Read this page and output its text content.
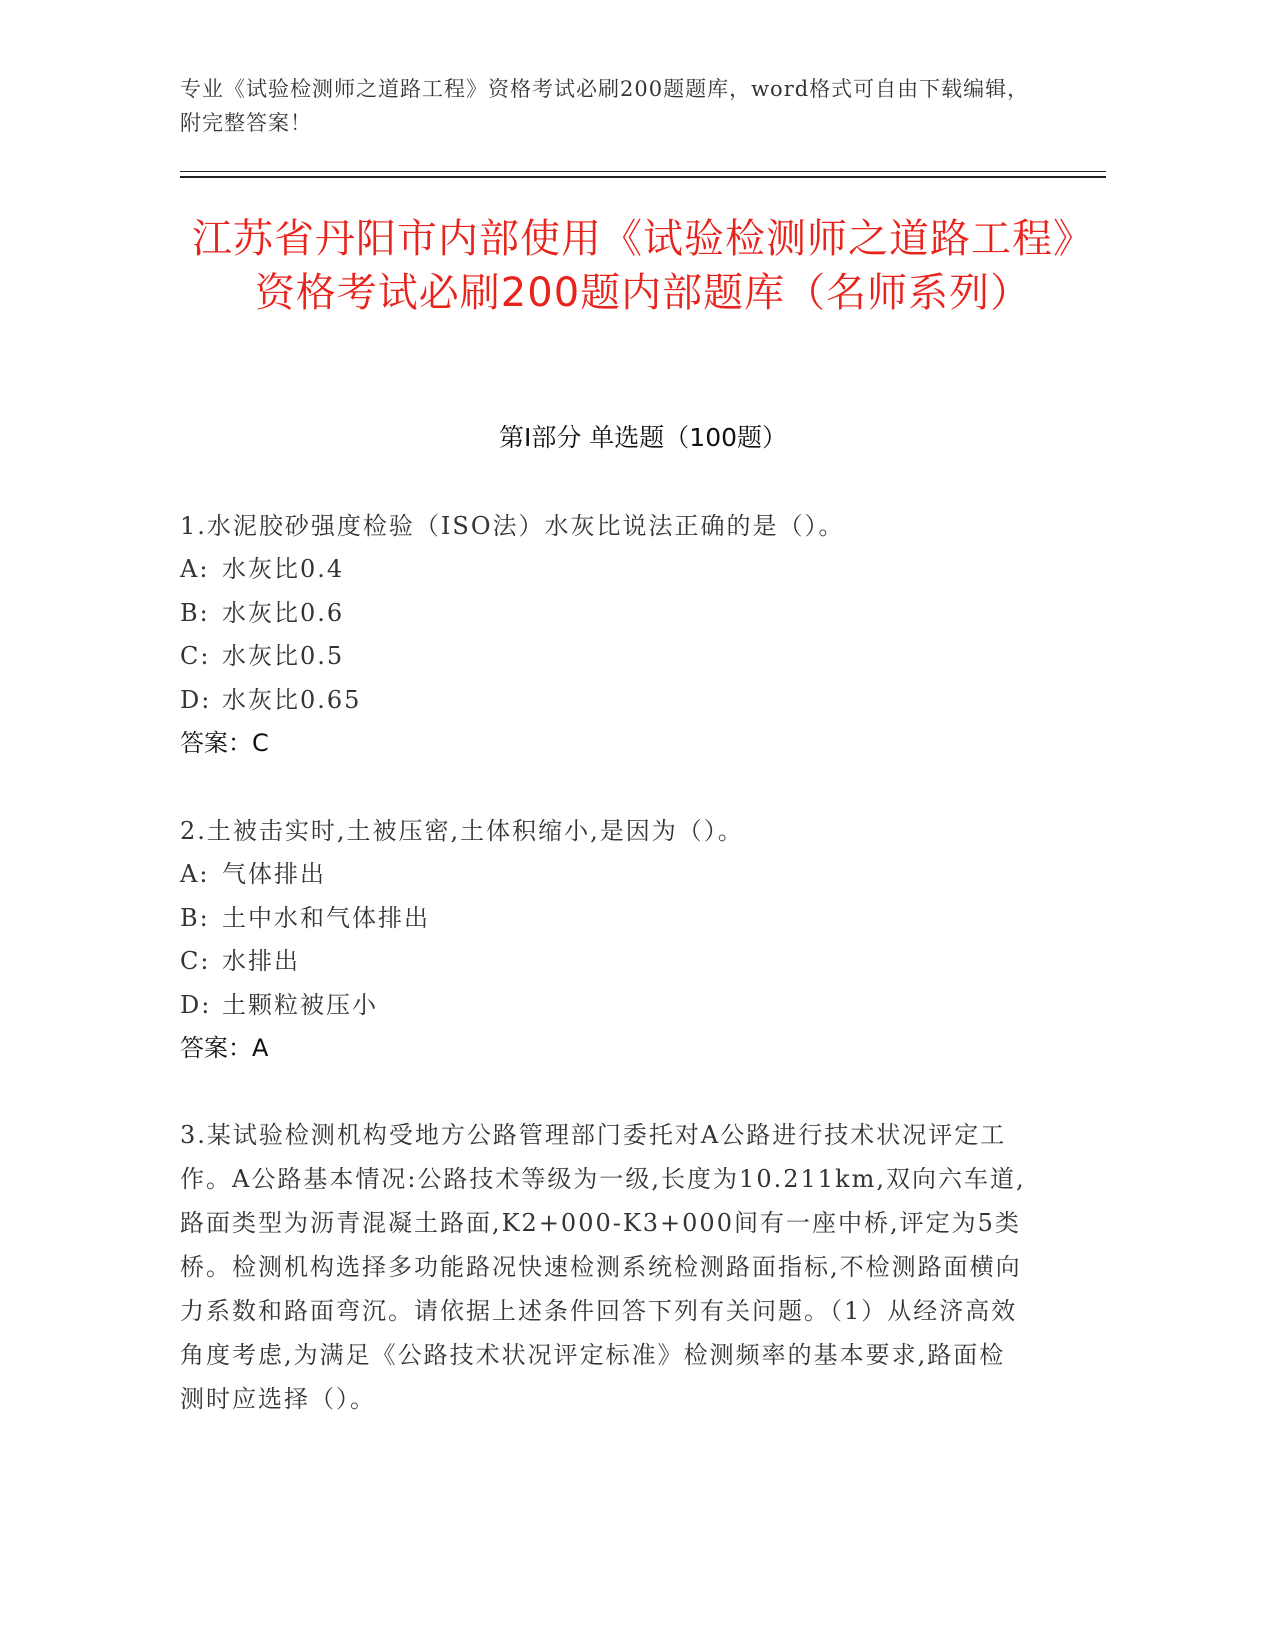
专业《试验检测师之道路工程》资格考试必刷200题题库，word格式可自由下载编辑，附完整答案！
江苏省丹阳市内部使用《试验检测师之道路工程》资格考试必刷200题内部题库（名师系列）
第I部分 单选题（100题）

1.水泥胶砂强度检验（ISO法）水灰比说法正确的是（）。

A: 水灰比0.4

B: 水灰比0.6

C: 水灰比0.5

D: 水灰比0.65

答案：C

2.土被击实时,土被压密,土体积缩小,是因为（）。

A: 气体排出

B: 土中水和气体排出

C: 水排出

D: 土颗粒被压小

答案：A

3.某试验检测机构受地方公路管理部门委托对A公路进行技术状况评定工作。A公路基本情况:公路技术等级为一级,长度为10.211km,双向六车道,路面类型为沥青混凝土路面,K2+000-K3+000间有一座中桥,评定为5类桥。检测机构选择多功能路况快速检测系统检测路面指标,不检测路面横向力系数和路面弯沉。请依据上述条件回答下列有关问题。（1）从经济高效角度考虑,为满足《公路技术状况评定标准》检测频率的基本要求,路面检测时应选择（）。
